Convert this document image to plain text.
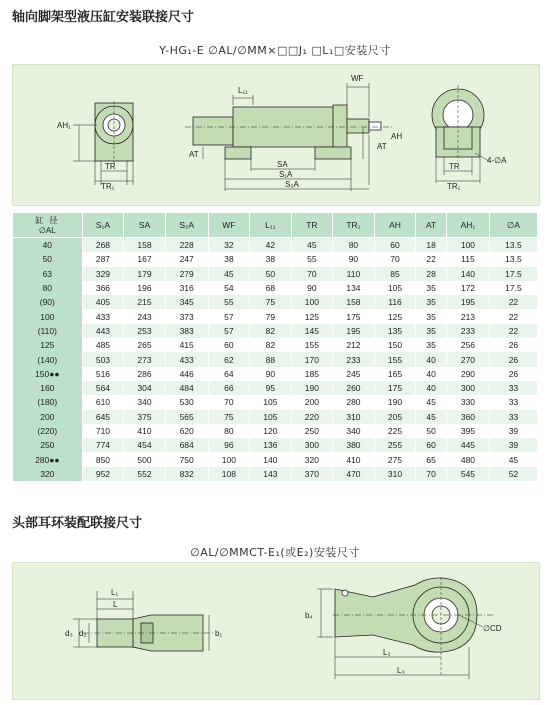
轴向脚架型液压缸安装联接尺寸
Y-HG₁-E ∅AL/∅MM×□□J₁ □L₁□安装尺寸
AH₁
TR
TR₁
L₁₁
WF
AT
AT
AH
SA
S₁A
S₂A
TR
TR₁
4-∅A
缸 径
∅AL	S₁A	SA	S₂A	WF	L₁₁	TR	TR₁	AH	AT	AH₁	∅A
40	268	158	228	32	42	45	80	60	18	100	13.5
50	287	167	247	38	38	55	90	70	22	115	13.5
63	329	179	279	45	50	70	110	85	28	140	17.5
80	366	196	316	54	68	90	134	105	35	172	17.5
(90)	405	215	345	55	75	100	158	116	35	195	22
100	433	243	373	57	79	125	175	125	35	213	22
(110)	443	253	383	57	82	145	195	135	35	233	22
125	485	265	415	60	82	155	212	150	35	256	26
(140)	503	273	433	62	88	170	233	155	40	270	26
150●●	516	286	446	64	90	185	245	165	40	290	26
160	564	304	484	66	95	190	260	175	40	300	33
(180)	610	340	530	70	105	200	280	190	45	330	33
200	645	375	565	75	105	220	310	205	45	360	33
(220)	710	410	620	80	120	250	340	225	50	395	39
250	774	454	684	96	136	300	380	255	60	445	39
280●●	850	500	750	100	140	320	410	275	65	480	45
320	952	552	832	108	143	370	470	310	70	545	52
头部耳环装配联接尺寸
∅AL/∅MMCT-E₁(或E₂)安装尺寸
L₁
L
d₃ d₂	b₁
b₄
L₂
L₃
∅CD
